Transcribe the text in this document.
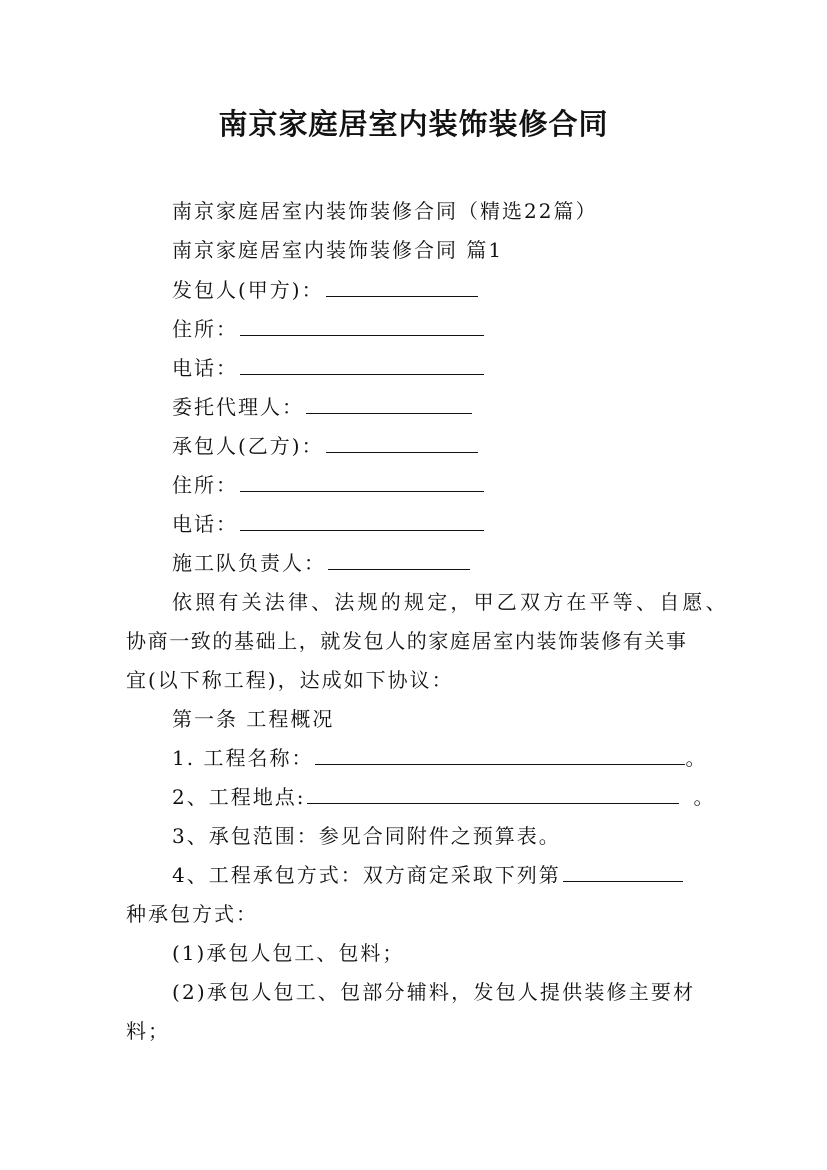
南京家庭居室内装饰装修合同
南京家庭居室内装饰装修合同（精选22篇）
南京家庭居室内装饰装修合同 篇1
发包人(甲方)：
住所：
电话：
委托代理人：
承包人(乙方)：
住所：
电话：
施工队负责人：
依照有关法律、法规的规定，甲乙双方在平等、自愿、
协商一致的基础上，就发包人的家庭居室内装饰装修有关事
宜(以下称工程)，达成如下协议：
第一条 工程概况
1. 工程名称：	。
2、工程地点:	。
3、承包范围：参见合同附件之预算表。
4、工程承包方式：双方商定采取下列第
种承包方式：
(1)承包人包工、包料；
(2)承包人包工、包部分辅料，发包人提供装修主要材
料；
